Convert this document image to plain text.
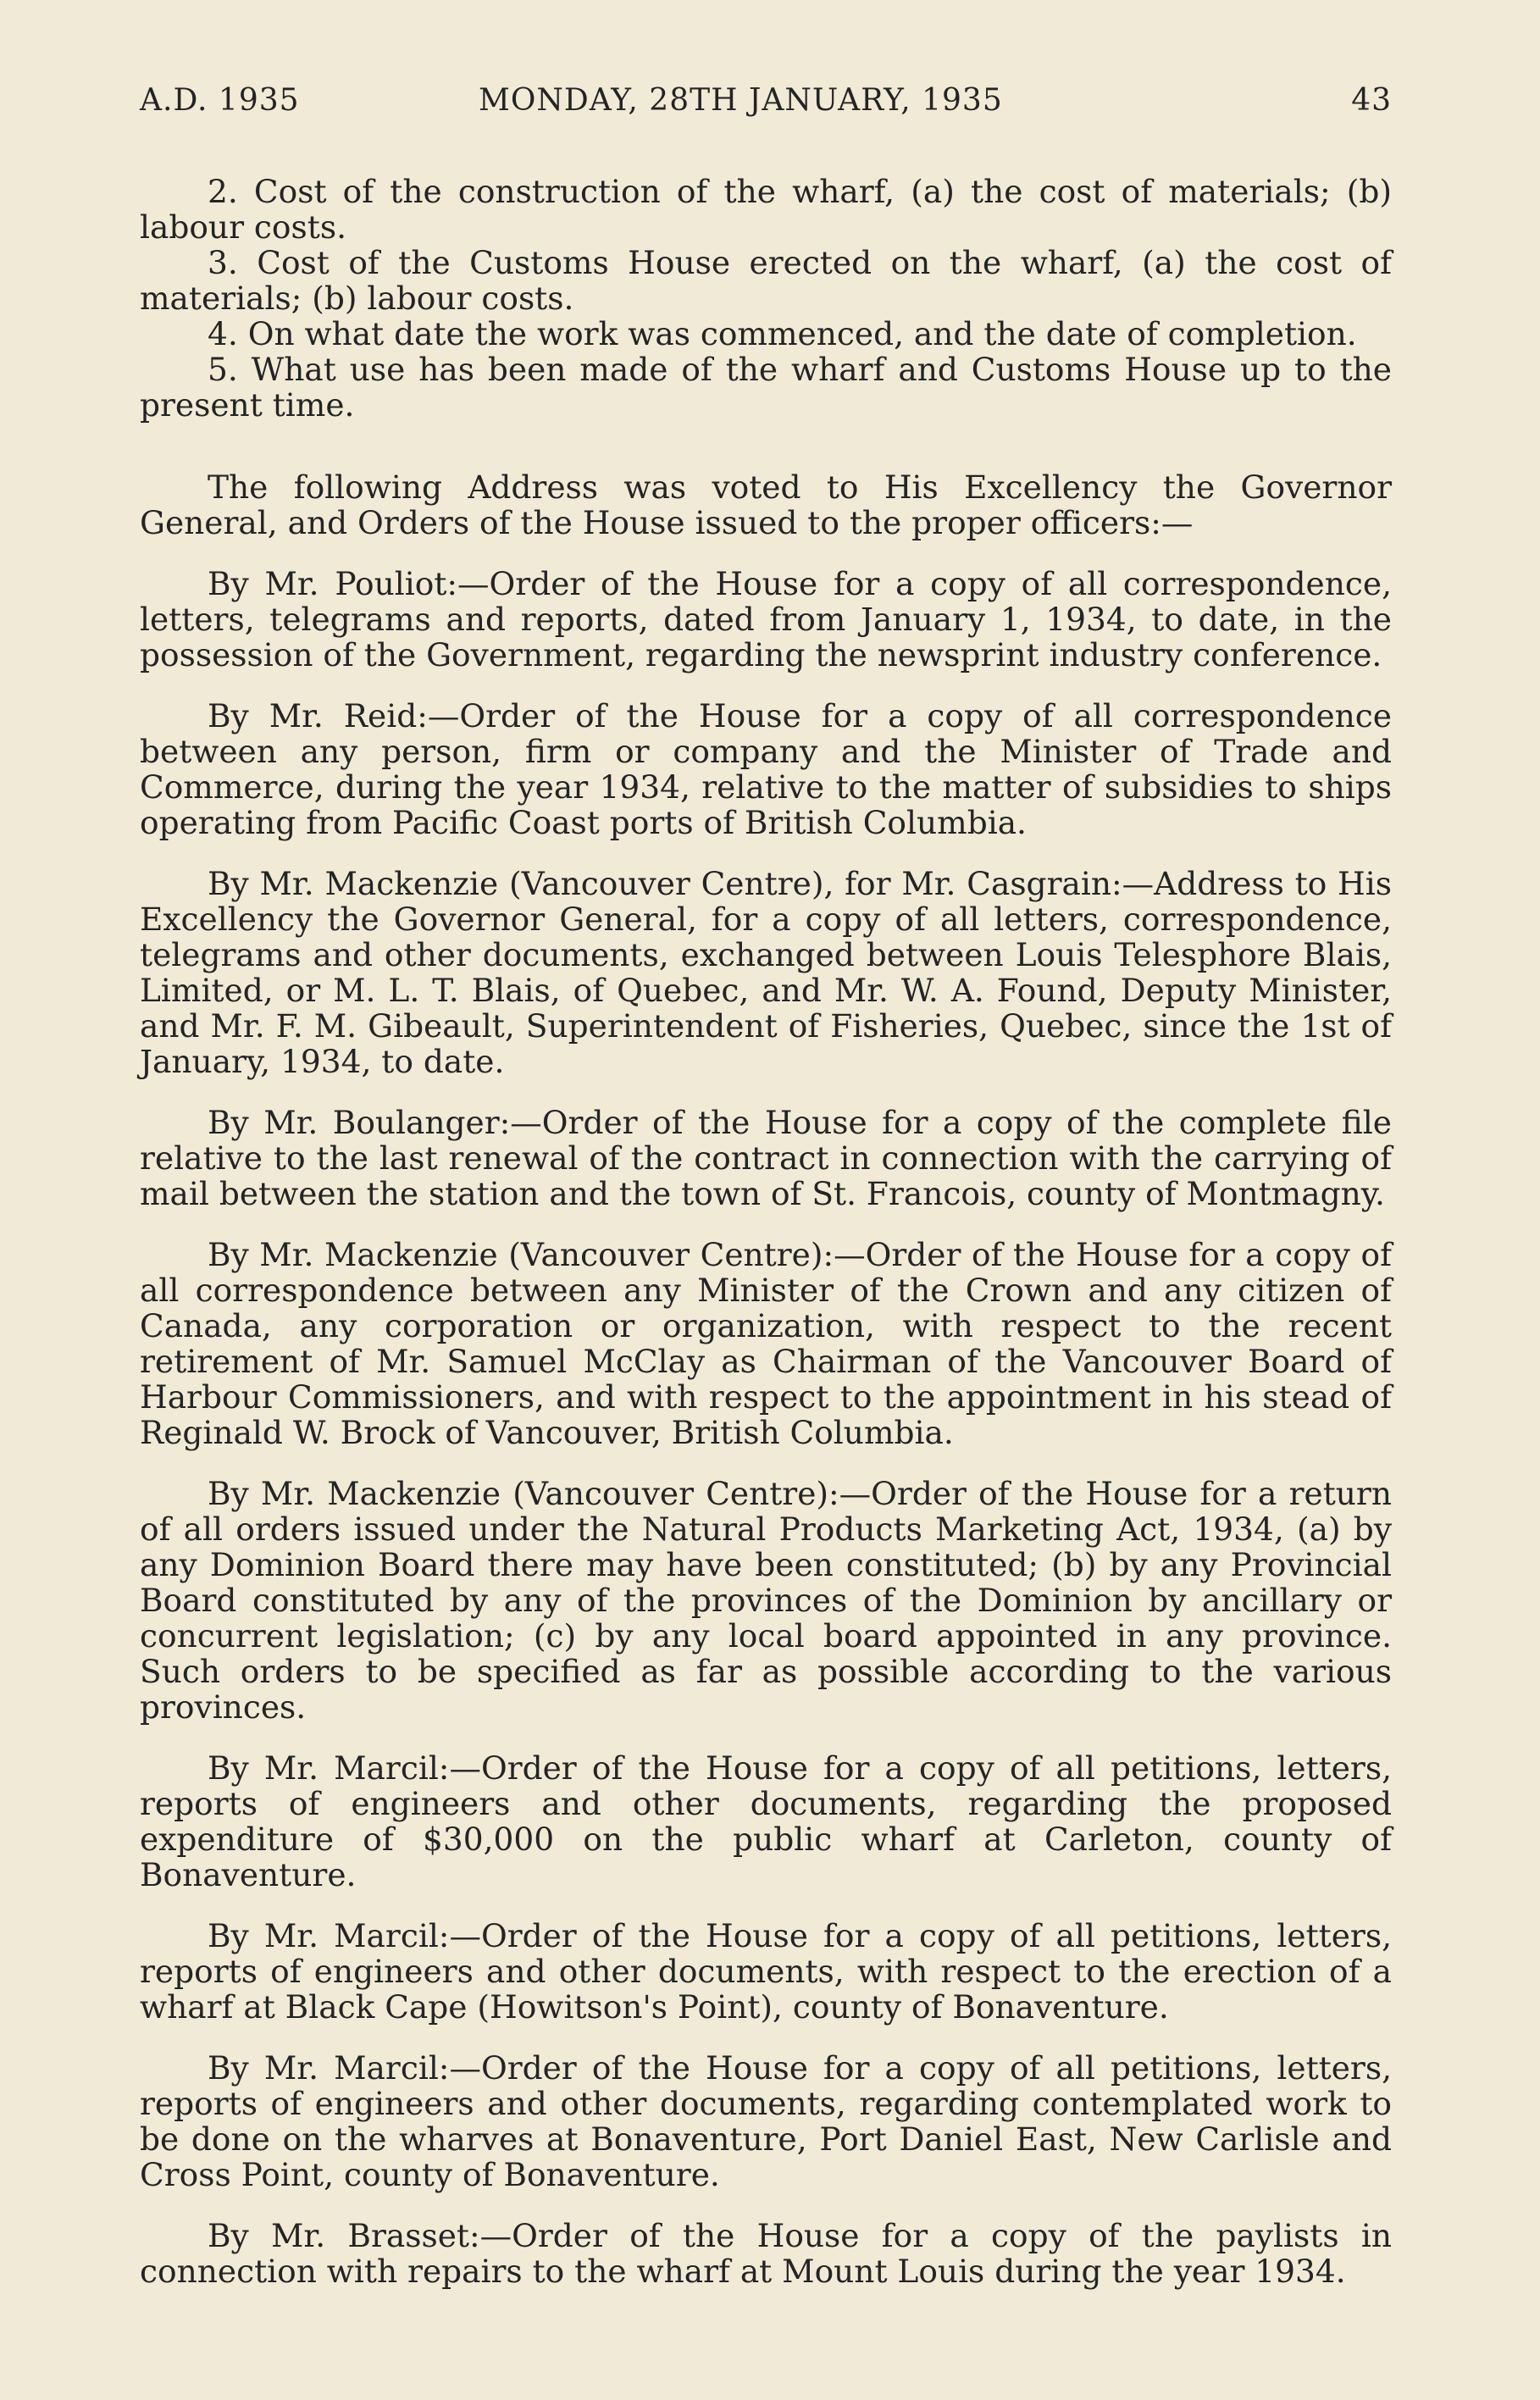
A.D. 1935	MONDAY, 28TH JANUARY, 1935	43

2. Cost of the construction of the wharf, (a) the cost of materials; (b) labour costs.

3. Cost of the Customs House erected on the wharf, (a) the cost of materials; (b) labour costs.

4. On what date the work was commenced, and the date of completion.

5. What use has been made of the wharf and Customs House up to the present time.

The following Address was voted to His Excellency the Governor General, and Orders of the House issued to the proper officers:—

By Mr. Pouliot:—Order of the House for a copy of all correspondence, letters, telegrams and reports, dated from January 1, 1934, to date, in the possession of the Government, regarding the newsprint industry conference.

By Mr. Reid:—Order of the House for a copy of all correspondence between any person, firm or company and the Minister of Trade and Commerce, during the year 1934, relative to the matter of subsidies to ships operating from Pacific Coast ports of British Columbia.

By Mr. Mackenzie (Vancouver Centre), for Mr. Casgrain:—Address to His Excellency the Governor General, for a copy of all letters, correspondence, telegrams and other documents, exchanged between Louis Telesphore Blais, Limited, or M. L. T. Blais, of Quebec, and Mr. W. A. Found, Deputy Minister, and Mr. F. M. Gibeault, Superintendent of Fisheries, Quebec, since the 1st of January, 1934, to date.

By Mr. Boulanger:—Order of the House for a copy of the complete file relative to the last renewal of the contract in connection with the carrying of mail between the station and the town of St. Francois, county of Montmagny.

By Mr. Mackenzie (Vancouver Centre):—Order of the House for a copy of all correspondence between any Minister of the Crown and any citizen of Canada, any corporation or organization, with respect to the recent retirement of Mr. Samuel McClay as Chairman of the Vancouver Board of Harbour Commissioners, and with respect to the appointment in his stead of Reginald W. Brock of Vancouver, British Columbia.

By Mr. Mackenzie (Vancouver Centre):—Order of the House for a return of all orders issued under the Natural Products Marketing Act, 1934, (a) by any Dominion Board there may have been constituted; (b) by any Provincial Board constituted by any of the provinces of the Dominion by ancillary or concurrent legislation; (c) by any local board appointed in any province. Such orders to be specified as far as possible according to the various provinces.

By Mr. Marcil:—Order of the House for a copy of all petitions, letters, reports of engineers and other documents, regarding the proposed expenditure of $30,000 on the public wharf at Carleton, county of Bonaventure.

By Mr. Marcil:—Order of the House for a copy of all petitions, letters, reports of engineers and other documents, with respect to the erection of a wharf at Black Cape (Howitson's Point), county of Bonaventure.

By Mr. Marcil:—Order of the House for a copy of all petitions, letters, reports of engineers and other documents, regarding contemplated work to be done on the wharves at Bonaventure, Port Daniel East, New Carlisle and Cross Point, county of Bonaventure.

By Mr. Brasset:—Order of the House for a copy of the paylists in connection with repairs to the wharf at Mount Louis during the year 1934.
